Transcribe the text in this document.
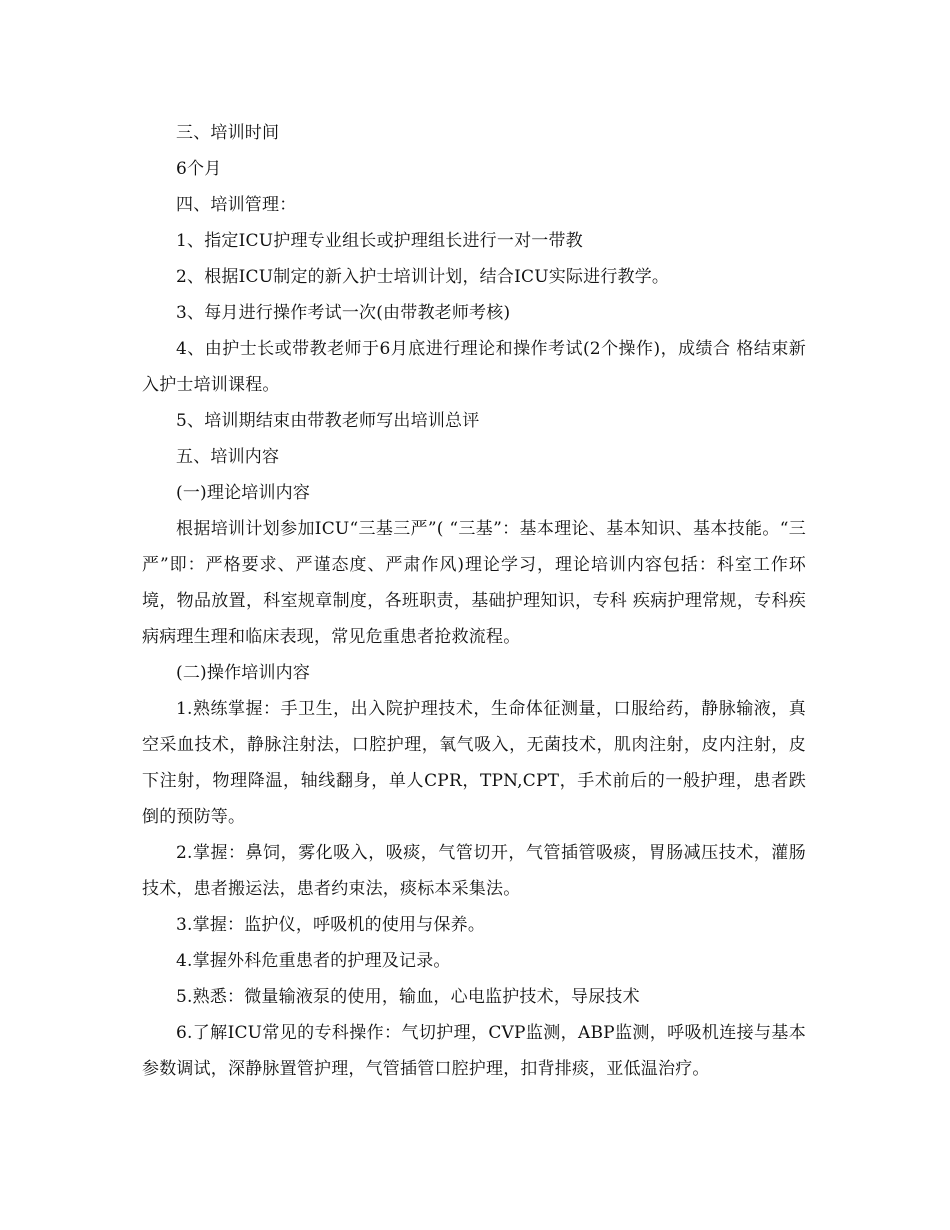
三、培训时间

6个月

四、培训管理：

1、指定ICU护理专业组长或护理组长进行一对一带教

2、根据ICU制定的新入护士培训计划，结合ICU实际进行教学。

3、每月进行操作考试一次(由带教老师考核)

4、由护士长或带教老师于6月底进行理论和操作考试(2个操作)，成绩合 格结束新入护士培训课程。

5、培训期结束由带教老师写出培训总评

五、培训内容

(一)理论培训内容

根据培训计划参加ICU“三基三严”( “三基”：基本理论、基本知识、基本技能。“三严”即：严格要求、严谨态度、严肃作风)理论学习，理论培训内容包括：科室工作环境，物品放置，科室规章制度，各班职责，基础护理知识，专科 疾病护理常规，专科疾病病理生理和临床表现，常见危重患者抢救流程。

(二)操作培训内容

1.熟练掌握：手卫生，出入院护理技术，生命体征测量，口服给药，静脉输液，真空采血技术，静脉注射法，口腔护理，氧气吸入，无菌技术，肌肉注射，皮内注射，皮下注射，物理降温，轴线翻身，单人CPR，TPN,CPT，手术前后的一般护理，患者跌倒的预防等。

2.掌握：鼻饲，雾化吸入，吸痰，气管切开，气管插管吸痰，胃肠减压技术，灌肠技术，患者搬运法，患者约束法，痰标本采集法。

3.掌握：监护仪，呼吸机的使用与保养。

4.掌握外科危重患者的护理及记录。

5.熟悉：微量输液泵的使用，输血，心电监护技术，导尿技术

6.了解ICU常见的专科操作：气切护理，CVP监测，ABP监测，呼吸机连接与基本参数调试，深静脉置管护理，气管插管口腔护理，扣背排痰，亚低温治疗。
